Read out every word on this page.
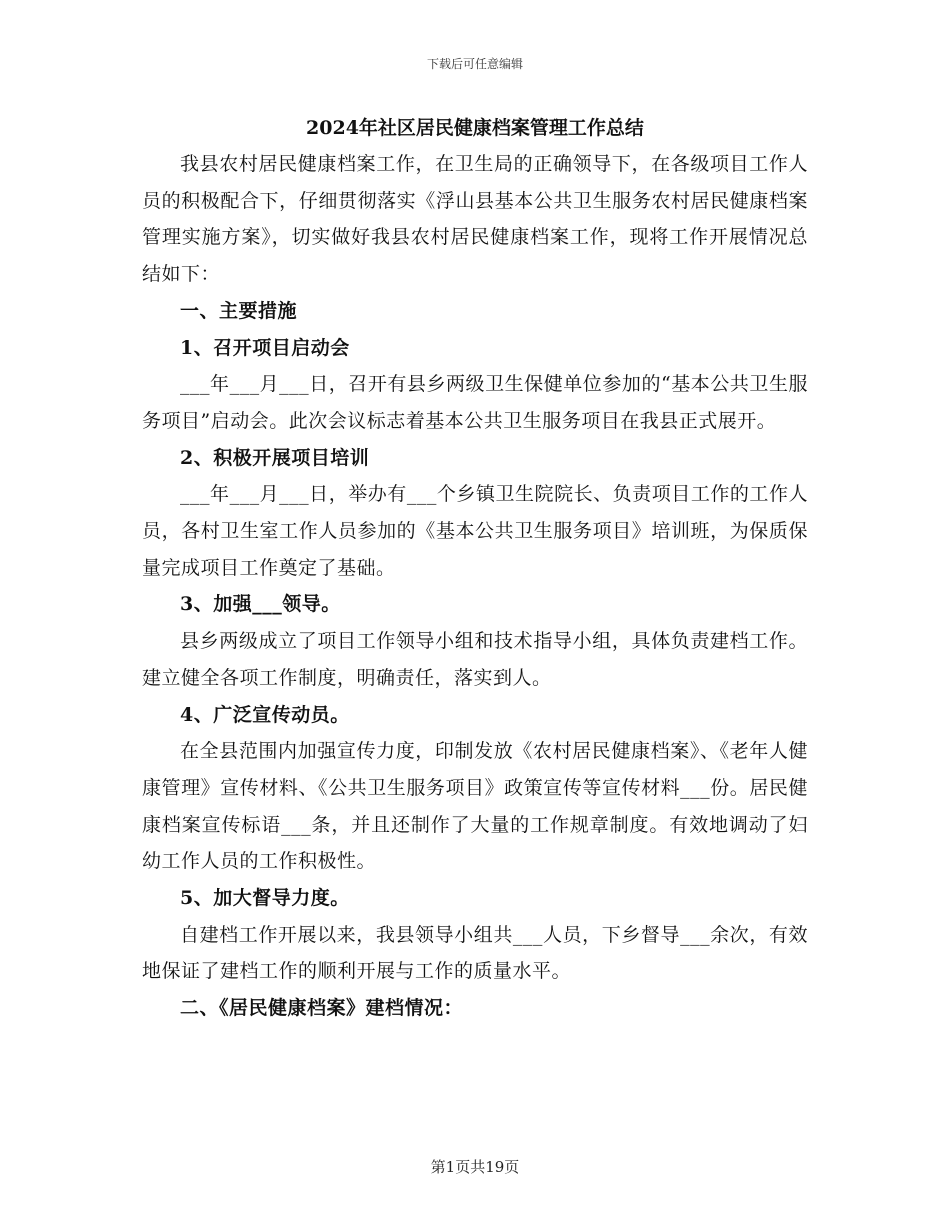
下载后可任意编辑
2024年社区居民健康档案管理工作总结
我县农村居民健康档案工作，在卫生局的正确领导下，在各级项目工作人员的积极配合下，仔细贯彻落实《浮山县基本公共卫生服务农村居民健康档案管理实施方案》，切实做好我县农村居民健康档案工作，现将工作开展情况总结如下：
一、主要措施
1、召开项目启动会
___年___月___日，召开有县乡两级卫生保健单位参加的“基本公共卫生服务项目”启动会。此次会议标志着基本公共卫生服务项目在我县正式展开。
2、积极开展项目培训
___年___月___日，举办有___个乡镇卫生院院长、负责项目工作的工作人员，各村卫生室工作人员参加的《基本公共卫生服务项目》培训班，为保质保量完成项目工作奠定了基础。
3、加强___领导。
县乡两级成立了项目工作领导小组和技术指导小组，具体负责建档工作。建立健全各项工作制度，明确责任，落实到人。
4、广泛宣传动员。
在全县范围内加强宣传力度，印制发放《农村居民健康档案》、《老年人健康管理》宣传材料、《公共卫生服务项目》政策宣传等宣传材料___份。居民健康档案宣传标语___条，并且还制作了大量的工作规章制度。有效地调动了妇幼工作人员的工作积极性。
5、加大督导力度。
自建档工作开展以来，我县领导小组共___人员，下乡督导___余次，有效地保证了建档工作的顺利开展与工作的质量水平。
二、《居民健康档案》建档情况：
第1页共19页
